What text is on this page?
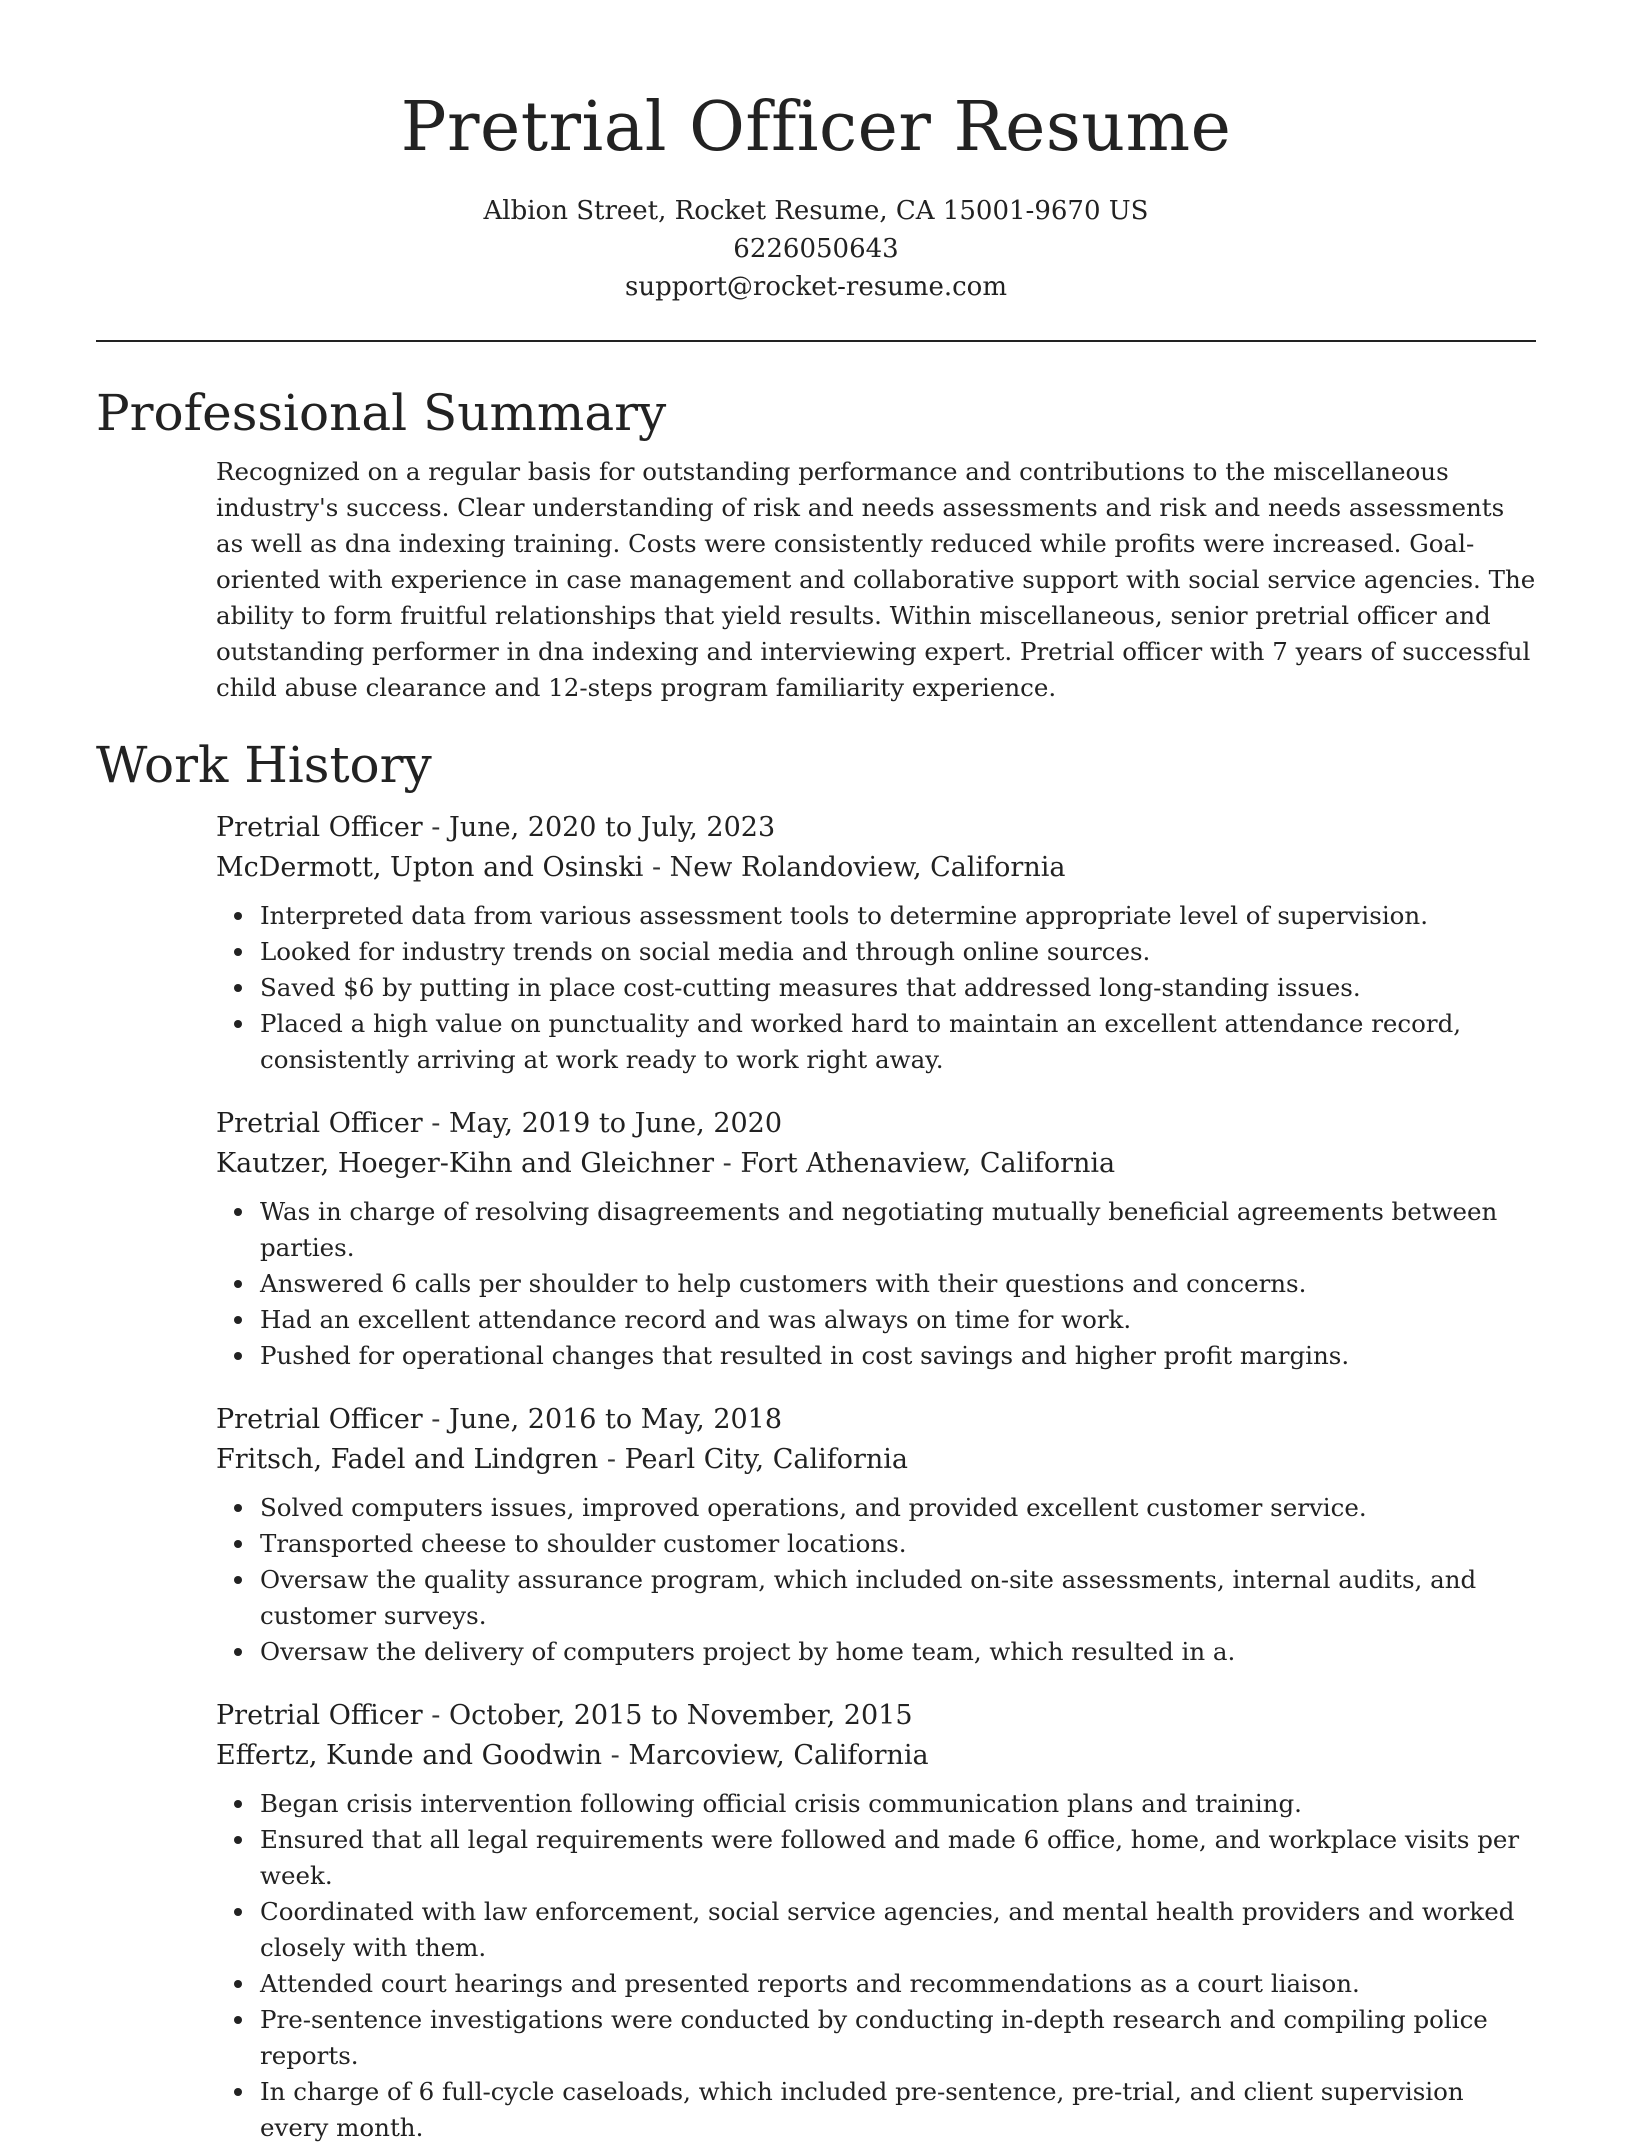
Pretrial Officer Resume

Albion Street, Rocket Resume, CA 15001-9670 US

6226050643

support@rocket-resume.com

Professional Summary

Recognized on a regular basis for outstanding performance and contributions to the miscellaneous industry's success. Clear understanding of risk and needs assessments and risk and needs assessments as well as dna indexing training. Costs were consistently reduced while profits were increased. Goal-oriented with experience in case management and collaborative support with social service agencies. The ability to form fruitful relationships that yield results. Within miscellaneous, senior pretrial officer and outstanding performer in dna indexing and interviewing expert. Pretrial officer with 7 years of successful child abuse clearance and 12-steps program familiarity experience.

Work History

Pretrial Officer - June, 2020 to July, 2023

McDermott, Upton and Osinski - New Rolandoview, California

Interpreted data from various assessment tools to determine appropriate level of supervision.
Looked for industry trends on social media and through online sources.
Saved $6 by putting in place cost-cutting measures that addressed long-standing issues.
Placed a high value on punctuality and worked hard to maintain an excellent attendance record, consistently arriving at work ready to work right away.

Pretrial Officer - May, 2019 to June, 2020

Kautzer, Hoeger-Kihn and Gleichner - Fort Athenaview, California

Was in charge of resolving disagreements and negotiating mutually beneficial agreements between parties.
Answered 6 calls per shoulder to help customers with their questions and concerns.
Had an excellent attendance record and was always on time for work.
Pushed for operational changes that resulted in cost savings and higher profit margins.

Pretrial Officer - June, 2016 to May, 2018

Fritsch, Fadel and Lindgren - Pearl City, California

Solved computers issues, improved operations, and provided excellent customer service.
Transported cheese to shoulder customer locations.
Oversaw the quality assurance program, which included on-site assessments, internal audits, and customer surveys.
Oversaw the delivery of computers project by home team, which resulted in a.

Pretrial Officer - October, 2015 to November, 2015

Effertz, Kunde and Goodwin - Marcoview, California

Began crisis intervention following official crisis communication plans and training.
Ensured that all legal requirements were followed and made 6 office, home, and workplace visits per week.
Coordinated with law enforcement, social service agencies, and mental health providers and worked closely with them.
Attended court hearings and presented reports and recommendations as a court liaison.
Pre-sentence investigations were conducted by conducting in-depth research and compiling police reports.
In charge of 6 full-cycle caseloads, which included pre-sentence, pre-trial, and client supervision every month.
